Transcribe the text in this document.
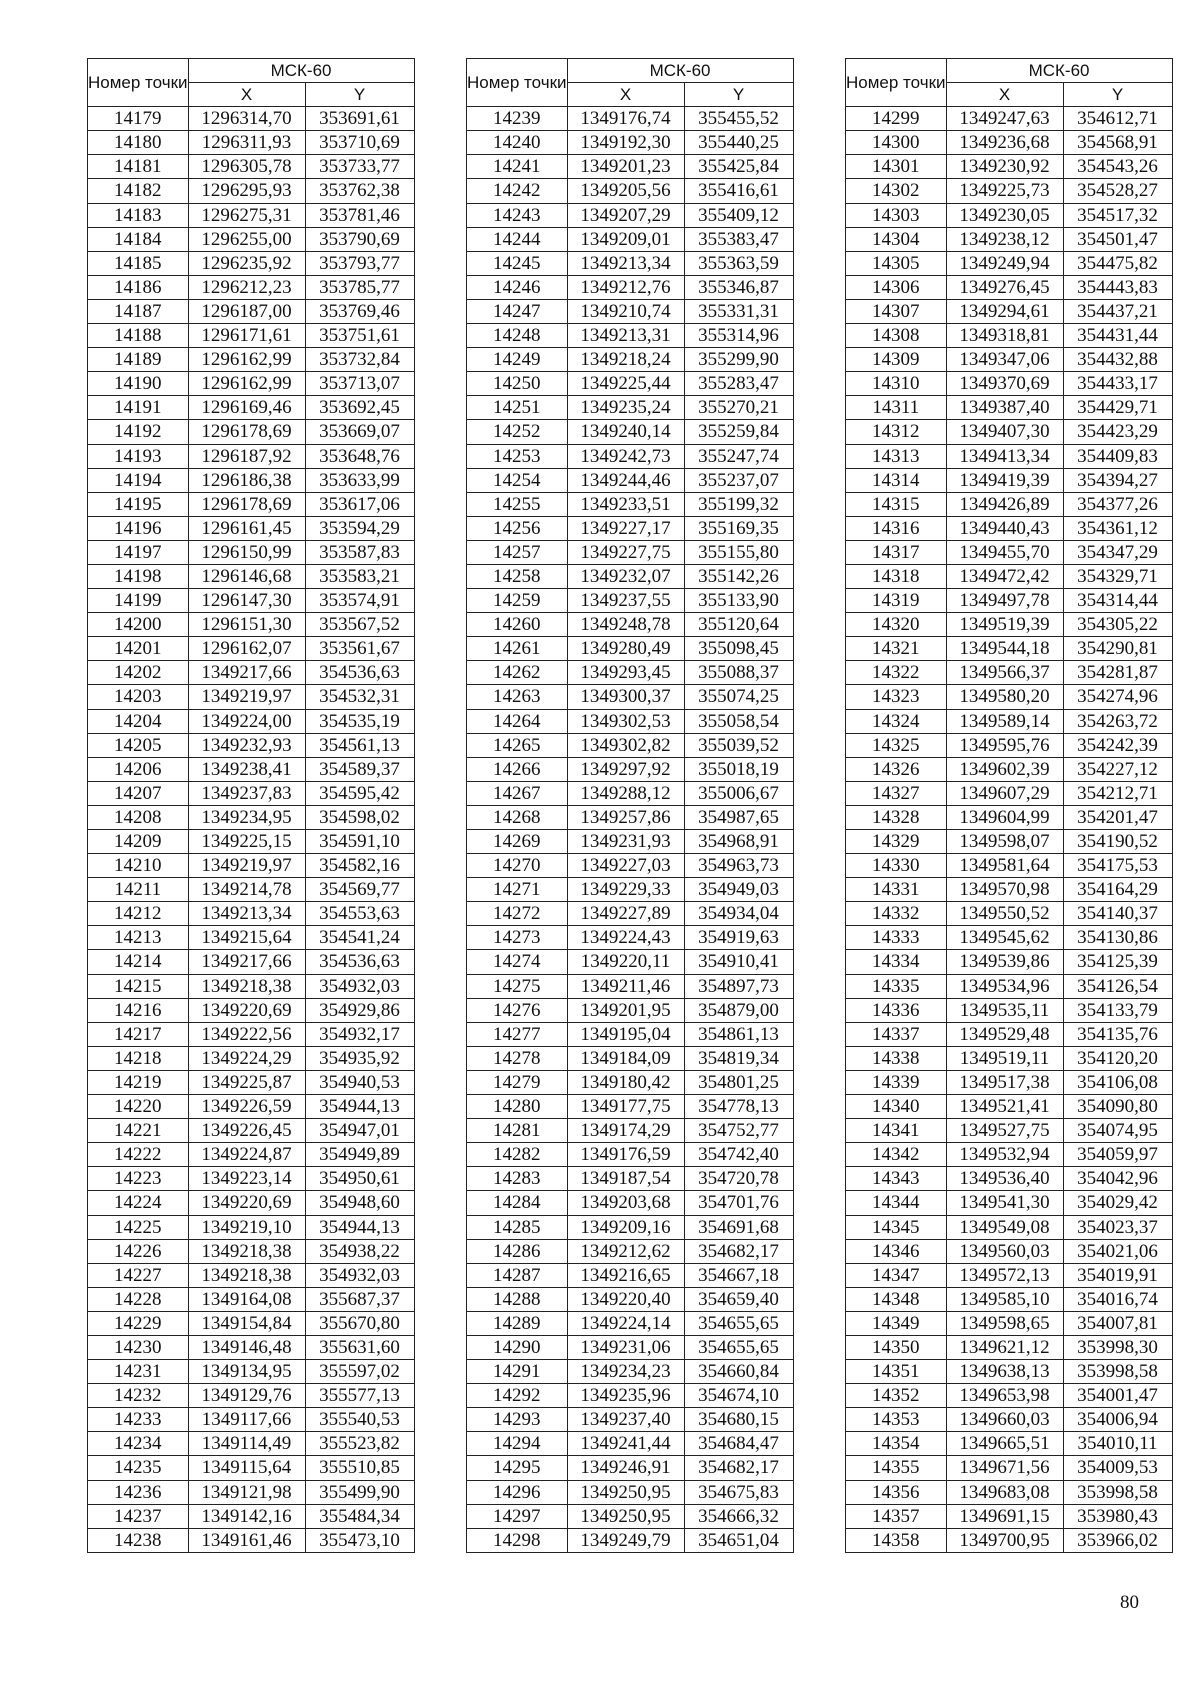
Номер точки	МСК-60	
	X	Y
14179	1296314,70	353691,61
14180	1296311,93	353710,69
14181	1296305,78	353733,77
14182	1296295,93	353762,38
14183	1296275,31	353781,46
14184	1296255,00	353790,69
14185	1296235,92	353793,77
14186	1296212,23	353785,77
14187	1296187,00	353769,46
14188	1296171,61	353751,61
14189	1296162,99	353732,84
14190	1296162,99	353713,07
14191	1296169,46	353692,45
14192	1296178,69	353669,07
14193	1296187,92	353648,76
14194	1296186,38	353633,99
14195	1296178,69	353617,06
14196	1296161,45	353594,29
14197	1296150,99	353587,83
14198	1296146,68	353583,21
14199	1296147,30	353574,91
14200	1296151,30	353567,52
14201	1296162,07	353561,67
14202	1349217,66	354536,63
14203	1349219,97	354532,31
14204	1349224,00	354535,19
14205	1349232,93	354561,13
14206	1349238,41	354589,37
14207	1349237,83	354595,42
14208	1349234,95	354598,02
14209	1349225,15	354591,10
14210	1349219,97	354582,16
14211	1349214,78	354569,77
14212	1349213,34	354553,63
14213	1349215,64	354541,24
14214	1349217,66	354536,63
14215	1349218,38	354932,03
14216	1349220,69	354929,86
14217	1349222,56	354932,17
14218	1349224,29	354935,92
14219	1349225,87	354940,53
14220	1349226,59	354944,13
14221	1349226,45	354947,01
14222	1349224,87	354949,89
14223	1349223,14	354950,61
14224	1349220,69	354948,60
14225	1349219,10	354944,13
14226	1349218,38	354938,22
14227	1349218,38	354932,03
14228	1349164,08	355687,37
14229	1349154,84	355670,80
14230	1349146,48	355631,60
14231	1349134,95	355597,02
14232	1349129,76	355577,13
14233	1349117,66	355540,53
14234	1349114,49	355523,82
14235	1349115,64	355510,85
14236	1349121,98	355499,90
14237	1349142,16	355484,34
14238	1349161,46	355473,10
Номер точки	МСК-60	
	X	Y
14239	1349176,74	355455,52
14240	1349192,30	355440,25
14241	1349201,23	355425,84
14242	1349205,56	355416,61
14243	1349207,29	355409,12
14244	1349209,01	355383,47
14245	1349213,34	355363,59
14246	1349212,76	355346,87
14247	1349210,74	355331,31
14248	1349213,31	355314,96
14249	1349218,24	355299,90
14250	1349225,44	355283,47
14251	1349235,24	355270,21
14252	1349240,14	355259,84
14253	1349242,73	355247,74
14254	1349244,46	355237,07
14255	1349233,51	355199,32
14256	1349227,17	355169,35
14257	1349227,75	355155,80
14258	1349232,07	355142,26
14259	1349237,55	355133,90
14260	1349248,78	355120,64
14261	1349280,49	355098,45
14262	1349293,45	355088,37
14263	1349300,37	355074,25
14264	1349302,53	355058,54
14265	1349302,82	355039,52
14266	1349297,92	355018,19
14267	1349288,12	355006,67
14268	1349257,86	354987,65
14269	1349231,93	354968,91
14270	1349227,03	354963,73
14271	1349229,33	354949,03
14272	1349227,89	354934,04
14273	1349224,43	354919,63
14274	1349220,11	354910,41
14275	1349211,46	354897,73
14276	1349201,95	354879,00
14277	1349195,04	354861,13
14278	1349184,09	354819,34
14279	1349180,42	354801,25
14280	1349177,75	354778,13
14281	1349174,29	354752,77
14282	1349176,59	354742,40
14283	1349187,54	354720,78
14284	1349203,68	354701,76
14285	1349209,16	354691,68
14286	1349212,62	354682,17
14287	1349216,65	354667,18
14288	1349220,40	354659,40
14289	1349224,14	354655,65
14290	1349231,06	354655,65
14291	1349234,23	354660,84
14292	1349235,96	354674,10
14293	1349237,40	354680,15
14294	1349241,44	354684,47
14295	1349246,91	354682,17
14296	1349250,95	354675,83
14297	1349250,95	354666,32
14298	1349249,79	354651,04
Номер точки	МСК-60	
	X	Y
14299	1349247,63	354612,71
14300	1349236,68	354568,91
14301	1349230,92	354543,26
14302	1349225,73	354528,27
14303	1349230,05	354517,32
14304	1349238,12	354501,47
14305	1349249,94	354475,82
14306	1349276,45	354443,83
14307	1349294,61	354437,21
14308	1349318,81	354431,44
14309	1349347,06	354432,88
14310	1349370,69	354433,17
14311	1349387,40	354429,71
14312	1349407,30	354423,29
14313	1349413,34	354409,83
14314	1349419,39	354394,27
14315	1349426,89	354377,26
14316	1349440,43	354361,12
14317	1349455,70	354347,29
14318	1349472,42	354329,71
14319	1349497,78	354314,44
14320	1349519,39	354305,22
14321	1349544,18	354290,81
14322	1349566,37	354281,87
14323	1349580,20	354274,96
14324	1349589,14	354263,72
14325	1349595,76	354242,39
14326	1349602,39	354227,12
14327	1349607,29	354212,71
14328	1349604,99	354201,47
14329	1349598,07	354190,52
14330	1349581,64	354175,53
14331	1349570,98	354164,29
14332	1349550,52	354140,37
14333	1349545,62	354130,86
14334	1349539,86	354125,39
14335	1349534,96	354126,54
14336	1349535,11	354133,79
14337	1349529,48	354135,76
14338	1349519,11	354120,20
14339	1349517,38	354106,08
14340	1349521,41	354090,80
14341	1349527,75	354074,95
14342	1349532,94	354059,97
14343	1349536,40	354042,96
14344	1349541,30	354029,42
14345	1349549,08	354023,37
14346	1349560,03	354021,06
14347	1349572,13	354019,91
14348	1349585,10	354016,74
14349	1349598,65	354007,81
14350	1349621,12	353998,30
14351	1349638,13	353998,58
14352	1349653,98	354001,47
14353	1349660,03	354006,94
14354	1349665,51	354010,11
14355	1349671,56	354009,53
14356	1349683,08	353998,58
14357	1349691,15	353980,43
14358	1349700,95	353966,02
80
